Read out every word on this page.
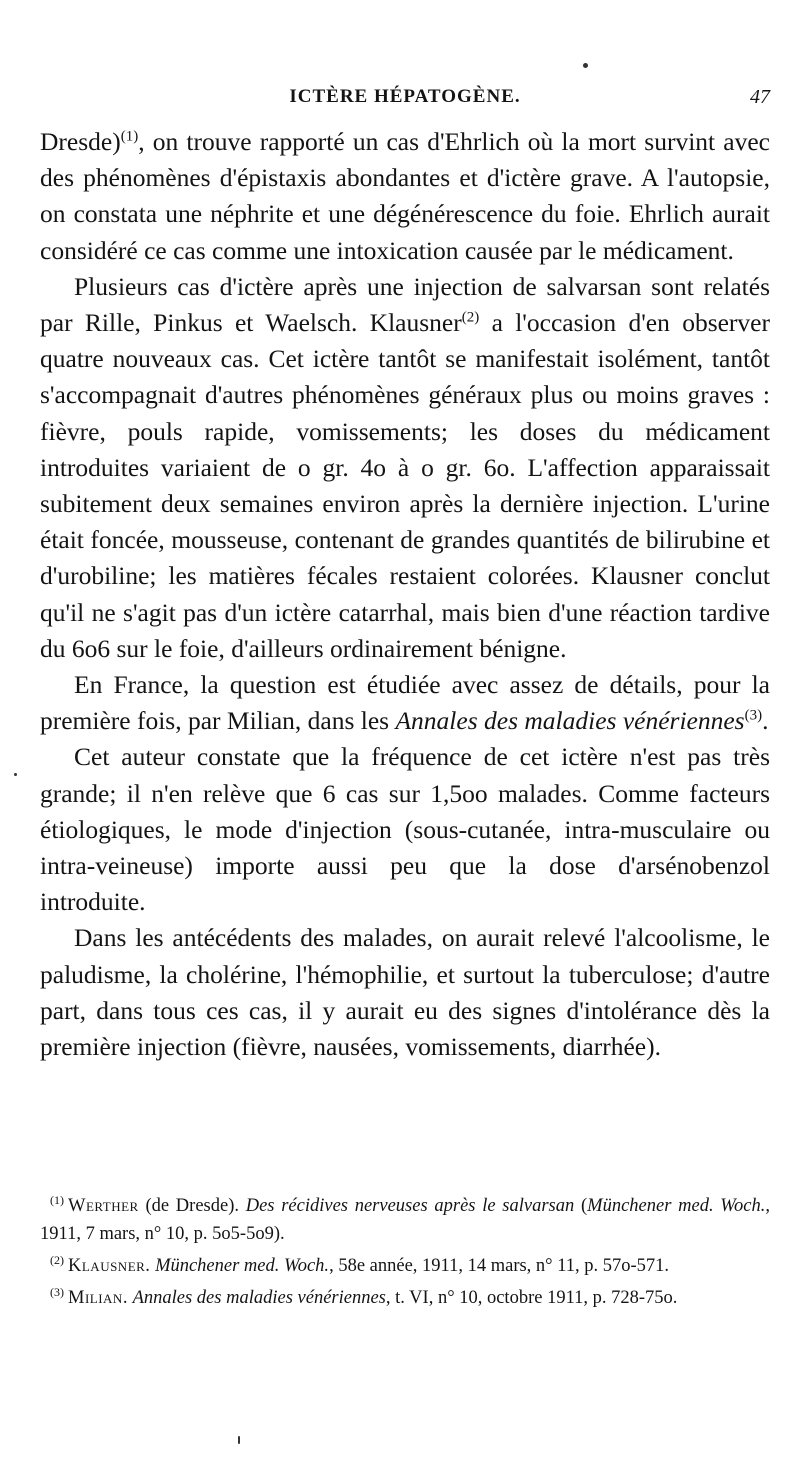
ICTÈRE HÉPATOGÈNE.	47

Dresde)$^{(1)}$, on trouve rapporté un cas d'Ehrlich où la mort survint avec des phénomènes d'épistaxis abondantes et d'ictère grave. A l'autopsie, on constata une néphrite et une dégénérescence du foie. Ehrlich aurait considéré ce cas comme une intoxication causée par le médicament.

Plusieurs cas d'ictère après une injection de salvarsan sont relatés par Rille, Pinkus et Waelsch. Klausner$^{(2)}$ a l'occasion d'en observer quatre nouveaux cas. Cet ictère tantôt se manifestait isolément, tantôt s'accompagnait d'autres phénomènes généraux plus ou moins graves : fièvre, pouls rapide, vomissements; les doses du médicament introduites variaient de o gr. 4o à o gr. 6o. L'affection apparaissait subitement deux semaines environ après la dernière injection. L'urine était foncée, mousseuse, contenant de grandes quantités de bilirubine et d'urobiline; les matières fécales restaient colorées. Klausner conclut qu'il ne s'agit pas d'un ictère catarrhal, mais bien d'une réaction tardive du 6o6 sur le foie, d'ailleurs ordinairement bénigne.

En France, la question est étudiée avec assez de détails, pour la première fois, par Milian, dans les Annales des maladies vénériennes$^{(3)}$.

Cet auteur constate que la fréquence de cet ictère n'est pas très grande; il n'en relève que 6 cas sur 1,5oo malades. Comme facteurs étiologiques, le mode d'injection (sous-cutanée, intra-musculaire ou intra-veineuse) importe aussi peu que la dose d'arsénobenzol introduite.

Dans les antécédents des malades, on aurait relevé l'alcoolisme, le paludisme, la cholérine, l'hémophilie, et surtout la tuberculose; d'autre part, dans tous ces cas, il y aurait eu des signes d'intolérance dès la première injection (fièvre, nausées, vomissements, diarrhée).

$^{(1)}$ Werther (de Dresde). Des récidives nerveuses après le salvarsan (Münchener med. Woch., 1911, 7 mars, n° 10, p. 5o5-5o9).

$^{(2)}$ Klausner. Münchener med. Woch., 58e année, 1911, 14 mars, n° 11, p. 57o-571.

$^{(3)}$ Milian. Annales des maladies vénériennes, t. VI, n° 10, octobre 1911, p. 728-75o.
